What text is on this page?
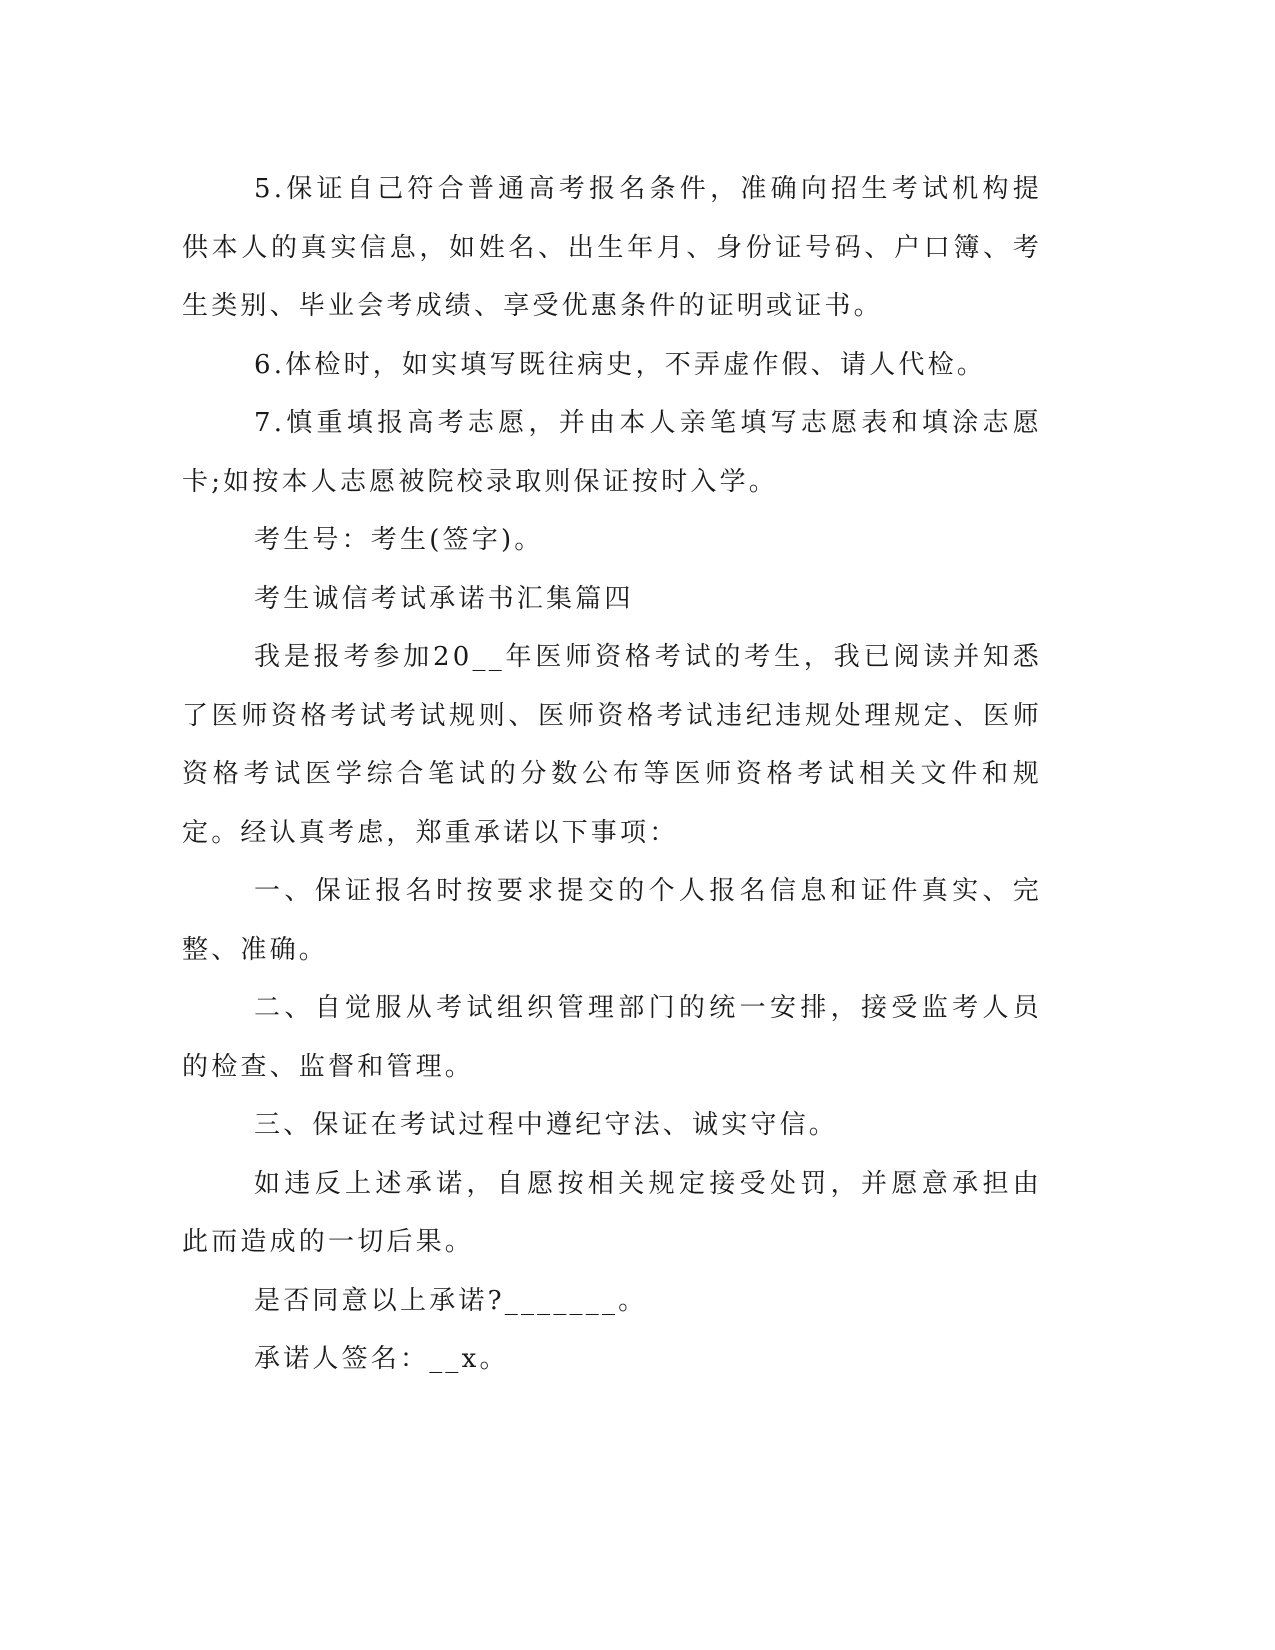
5.保证自己符合普通高考报名条件，准确向招生考试机构提供本人的真实信息，如姓名、出生年月、身份证号码、户口簿、考生类别、毕业会考成绩、享受优惠条件的证明或证书。

6.体检时，如实填写既往病史，不弄虚作假、请人代检。

7.慎重填报高考志愿，并由本人亲笔填写志愿表和填涂志愿卡;如按本人志愿被院校录取则保证按时入学。

考生号：考生(签字)。

考生诚信考试承诺书汇集篇四

我是报考参加20__年医师资格考试的考生，我已阅读并知悉了医师资格考试考试规则、医师资格考试违纪违规处理规定、医师资格考试医学综合笔试的分数公布等医师资格考试相关文件和规定。经认真考虑，郑重承诺以下事项：

一、保证报名时按要求提交的个人报名信息和证件真实、完整、准确。

二、自觉服从考试组织管理部门的统一安排，接受监考人员的检查、监督和管理。

三、保证在考试过程中遵纪守法、诚实守信。

如违反上述承诺，自愿按相关规定接受处罚，并愿意承担由此而造成的一切后果。

是否同意以上承诺?_______。

承诺人签名：__x。
